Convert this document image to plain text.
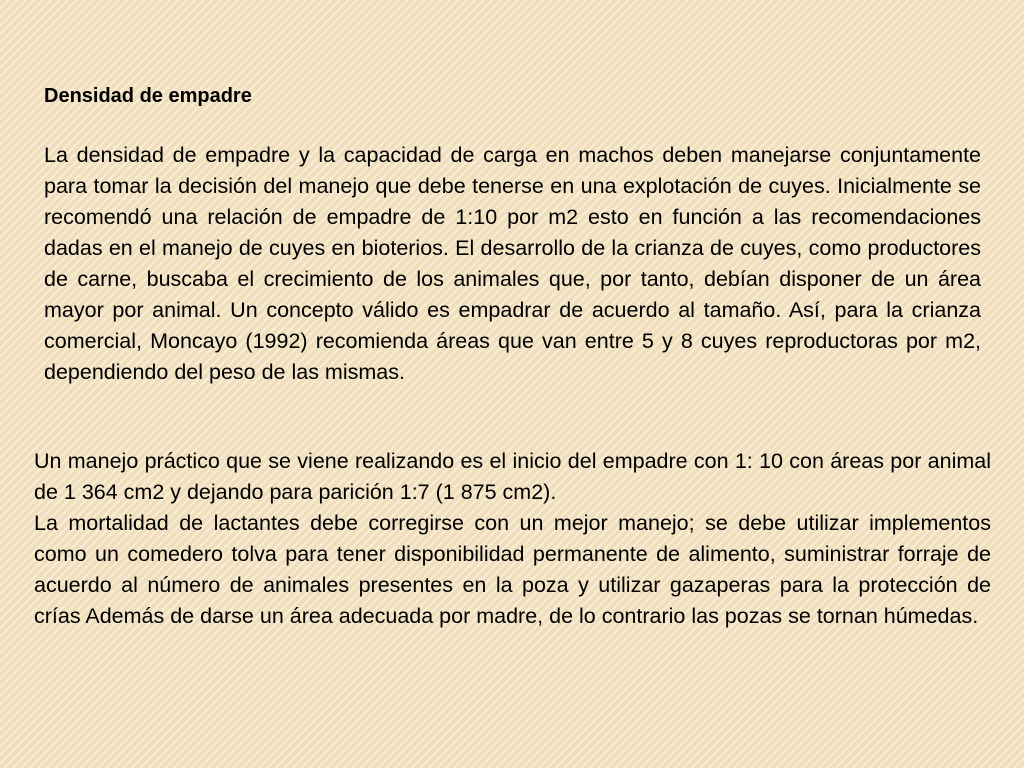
Densidad de empadre

La densidad de empadre y la capacidad de carga en machos deben manejarse conjuntamente para tomar la decisión del manejo que debe tenerse en una explotación de cuyes. Inicialmente se recomendó una relación de empadre de 1:10 por m2 esto en función a las recomendaciones dadas en el manejo de cuyes en bioterios. El desarrollo de la crianza de cuyes, como productores de carne, buscaba el crecimiento de los animales que, por tanto, debían disponer de un área mayor por animal. Un concepto válido es empadrar de acuerdo al tamaño. Así, para la crianza comercial, Moncayo (1992) recomienda áreas que van entre 5 y 8 cuyes reproductoras por m2, dependiendo del peso de las mismas.

Un manejo práctico que se viene realizando es el inicio del empadre con 1: 10 con áreas por animal de 1 364 cm2 y dejando para parición 1:7 (1 875 cm2).

La mortalidad de lactantes debe corregirse con un mejor manejo; se debe utilizar implementos como un comedero tolva para tener disponibilidad permanente de alimento, suministrar forraje de acuerdo al número de animales presentes en la poza y utilizar gazaperas para la protección de crías Además de darse un área adecuada por madre, de lo contrario las pozas se tornan húmedas.
